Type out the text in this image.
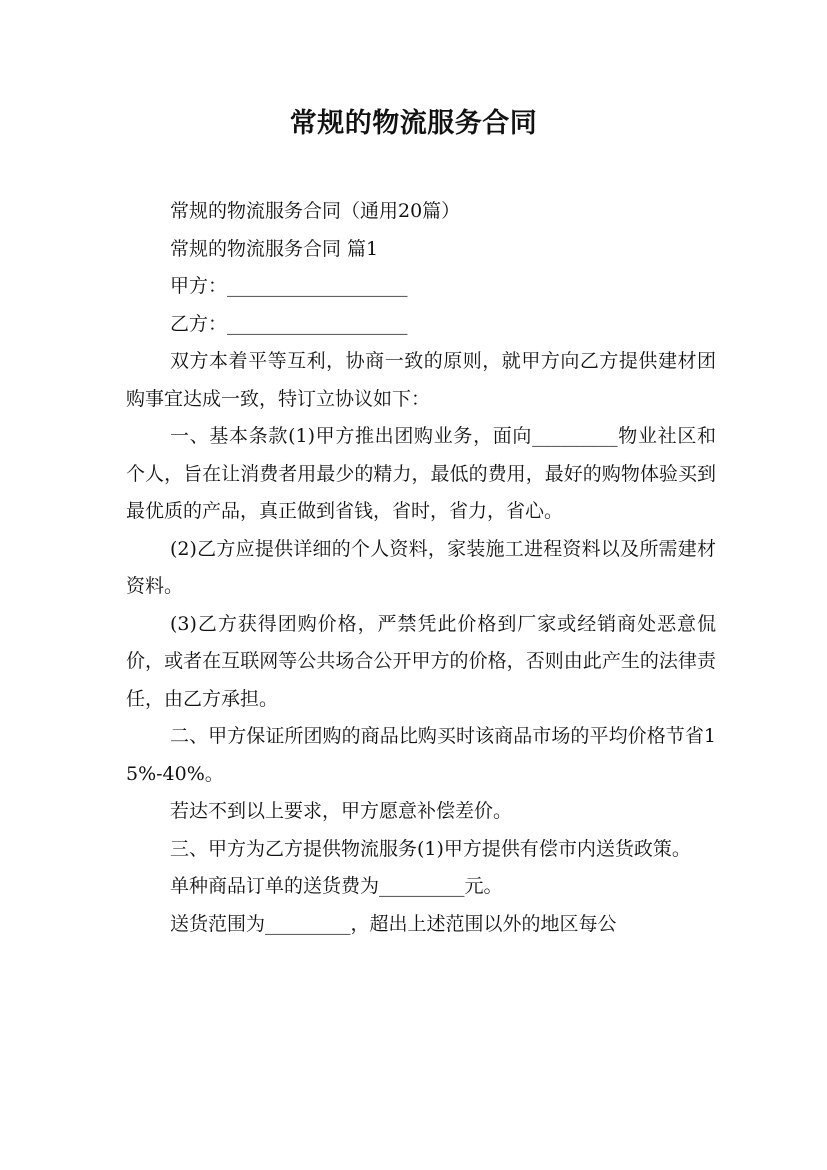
常规的物流服务合同

常规的物流服务合同（通用20篇）

常规的物流服务合同 篇1

甲方：___________________

乙方：___________________

双方本着平等互利，协商一致的原则，就甲方向乙方提供建材团购事宜达成一致，特订立协议如下：

一、基本条款(1)甲方推出团购业务，面向_________物业社区和个人，旨在让消费者用最少的精力，最低的费用，最好的购物体验买到最优质的产品，真正做到省钱，省时，省力，省心。

(2)乙方应提供详细的个人资料，家装施工进程资料以及所需建材资料。

(3)乙方获得团购价格，严禁凭此价格到厂家或经销商处恶意侃价，或者在互联网等公共场合公开甲方的价格，否则由此产生的法律责任，由乙方承担。

二、甲方保证所团购的商品比购买时该商品市场的平均价格节省15%-40%。

若达不到以上要求，甲方愿意补偿差价。

三、甲方为乙方提供物流服务(1)甲方提供有偿市内送货政策。

单种商品订单的送货费为_________元。

送货范围为_________，超出上述范围以外的地区每公
